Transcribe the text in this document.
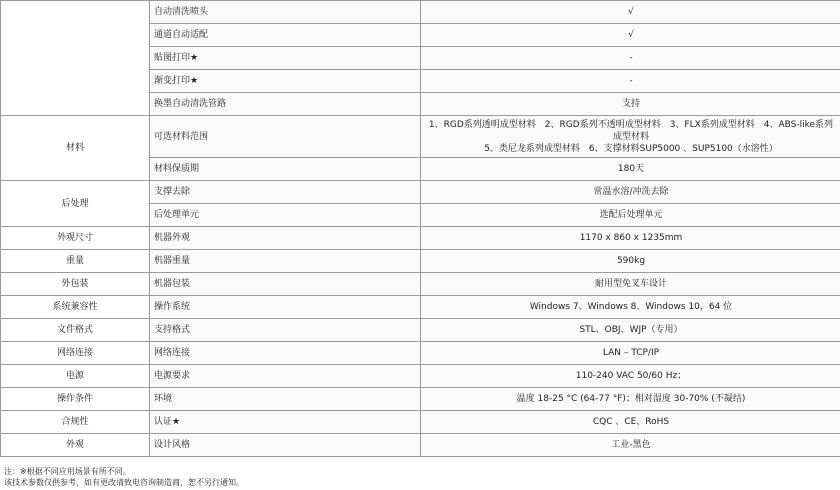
	自动清洗喷头	√
	通道自动适配	√
	贴图打印★	-
	渐变打印★	-
	换墨自动清洗管路	支持
材料	可选材料范围	1、RGD系列透明成型材料　2、RGD系列不透明成型材料　3、FLX系列成型材料　4、ABS-like系列成型材料
5、类尼龙系列成型材料　6、支撑材料SUP5000 、SUP5100（水溶性）

	材料保质期	180天
后处理	支撑去除	常温水溶/冲洗去除
	后处理单元	选配后处理单元
外观尺寸	机器外观	1170 x 860 x 1235mm
重量	机器重量	590kg
外包装	机器包装	耐用型免叉车设计
系统兼容性	操作系统	Windows 7、Windows 8、Windows 10，64 位
文件格式	支持格式	STL、OBJ、WJP（专用）
网络连接	网络连接	LAN – TCP/IP
电源	电源要求	110-240 VAC 50/60 Hz；
操作条件	环境	温度 18-25 °C (64-77 °F)；相对湿度 30-70% (不凝结)
合规性	认证★	CQC 、CE、RoHS
外观	设计风格	工业-黑色
注：※根据不同应用场景有所不同。
该技术参数仅供参考，如有更改请致电咨询制造商，恕不另行通知。
